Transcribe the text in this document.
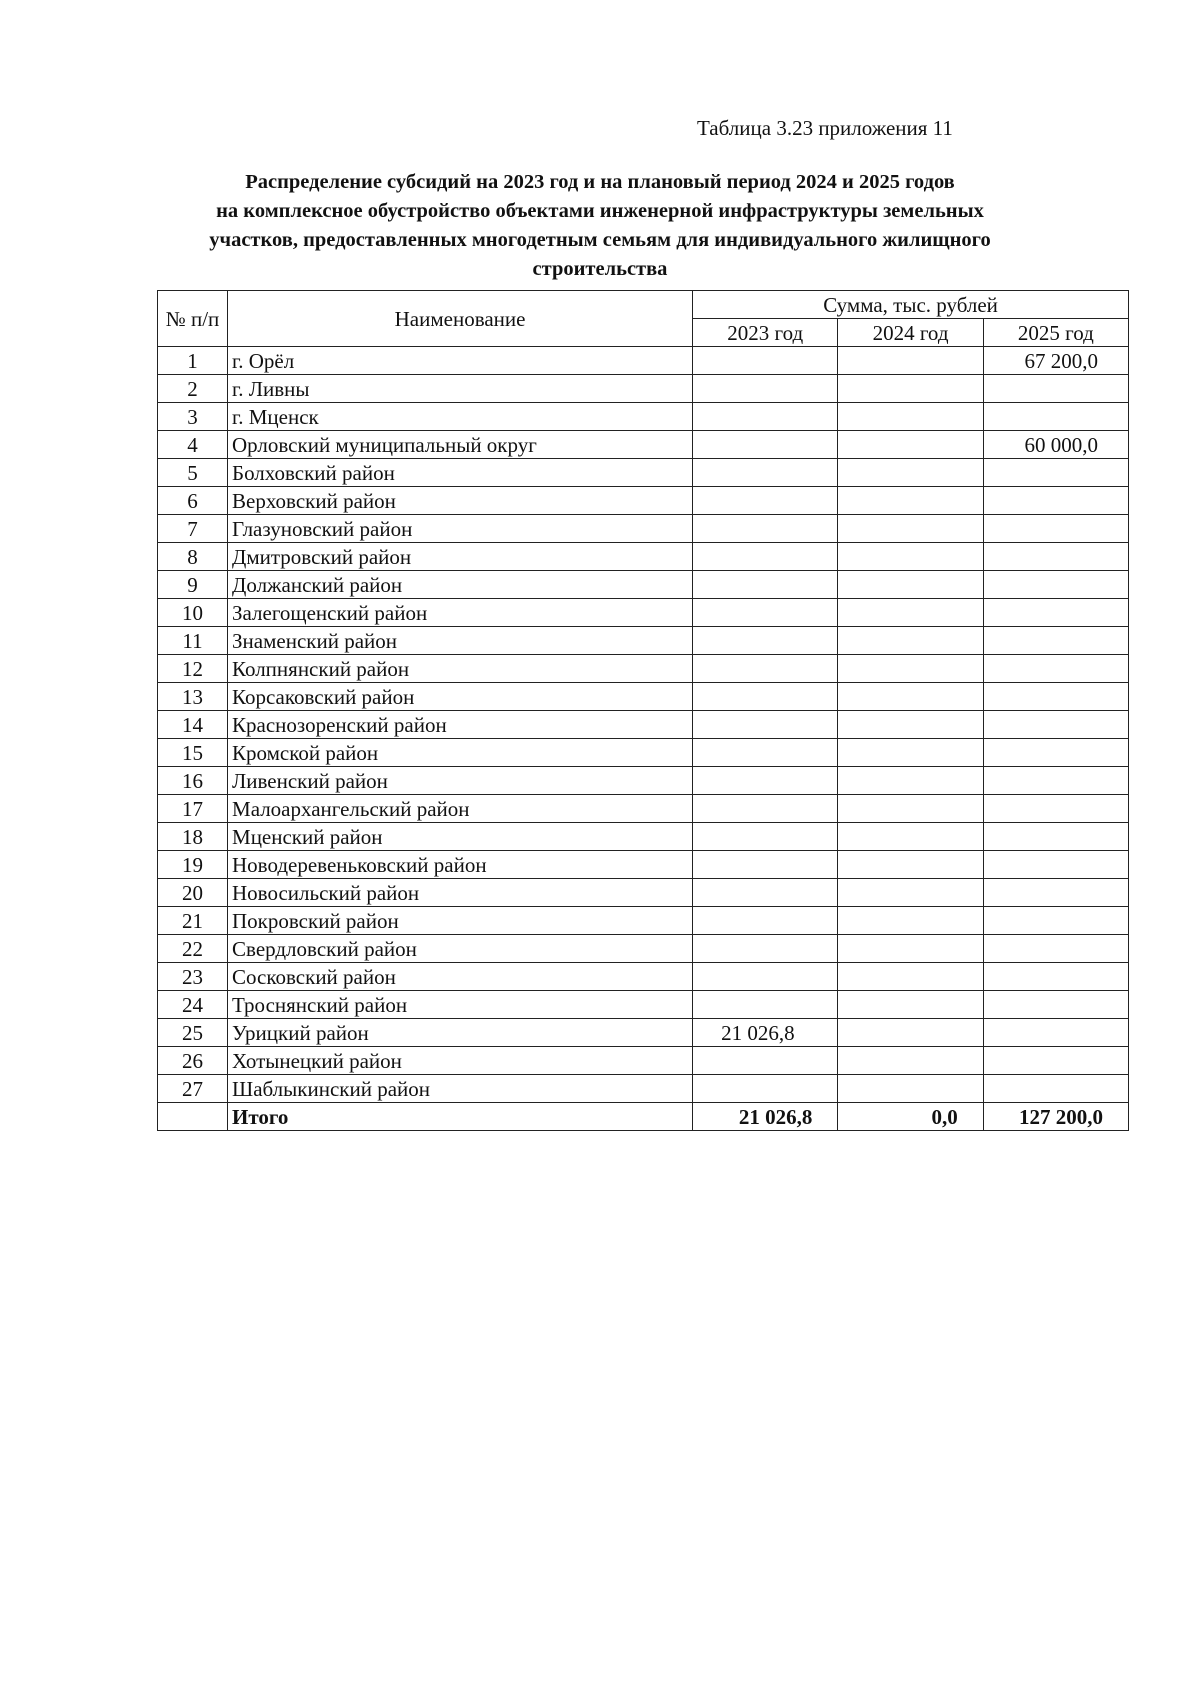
Таблица 3.23 приложения 11
Распределение субсидий на 2023 год и на плановый период 2024 и 2025 годов
на комплексное обустройство объектами инженерной инфраструктуры земельных
участков, предоставленных многодетным семьям для индивидуального жилищного
строительства
№ п/п	Наименование	Сумма, тыс. рублей		
		2023 год	2024 год	2025 год
1	г. Орёл			67 200,0
2	г. Ливны			
3	г. Мценск			
4	Орловский муниципальный округ			60 000,0
5	Болховский район			
6	Верховский район			
7	Глазуновский район			
8	Дмитровский район			
9	Должанский район			
10	Залегощенский район			
11	Знаменский район			
12	Колпнянский район			
13	Корсаковский район			
14	Краснозоренский район			
15	Кромской район			
16	Ливенский район			
17	Малоархангельский район			
18	Мценский район			
19	Новодеревеньковский район			
20	Новосильский район			
21	Покровский район			
22	Свердловский район			
23	Сосковский район			
24	Троснянский район			
25	Урицкий район	21 026,8		
26	Хотынецкий район			
27	Шаблыкинский район			
	Итого	21 026,8	0,0	127 200,0
